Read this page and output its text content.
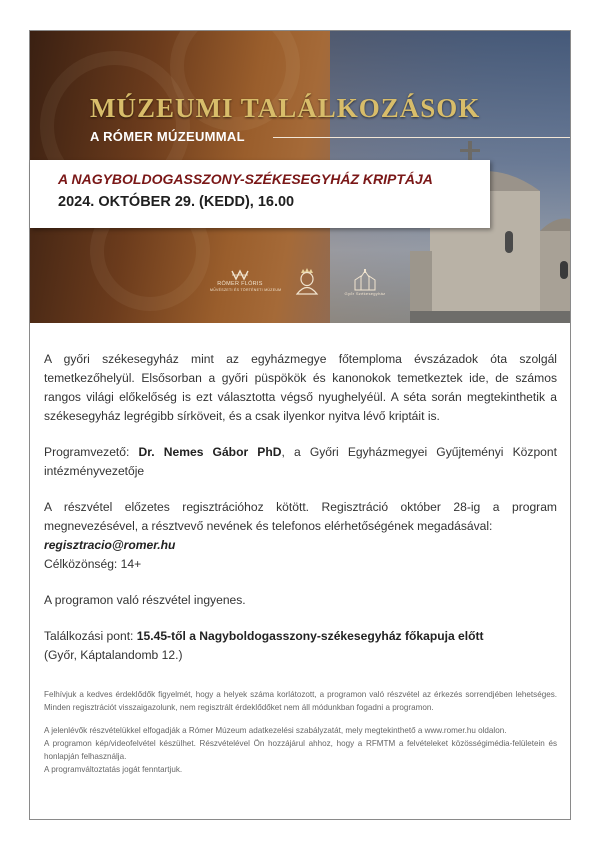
MÚZEUMI TALÁLKOZÁSOK
A RÓMER MÚZEUMMAL
RÓMER FLÓRIS
MŰVÉSZETI ÉS TÖRTÉNETI MÚZEUM
Győr Székesegyház
A NAGYBOLDOGASSZONY-SZÉKESEGYHÁZ KRIPTÁJA
2024. OKTÓBER 29. (KEDD), 16.00

A győri székesegyház mint az egyházmegye főtemploma évszázadok óta szolgál temetkezőhelyül. Elsősorban a győri püspökök és kanonokok temetkeztek ide, de számos rangos világi előkelőség is ezt választotta végső nyughelyéül. A séta során megtekinthetik a székesegyház legrégibb sírköveit, és a csak ilyenkor nyitva lévő kriptáit is.

Programvezető: Dr. Nemes Gábor PhD, a Győri Egyházmegyei Gyűjteményi Központ intézményvezetője

A részvétel előzetes regisztrációhoz kötött. Regisztráció október 28-ig a program megnevezésével, a résztvevő nevének és telefonos elérhetőségének megadásával:

regisztracio@romer.hu

Célközönség: 14+

A programon való részvétel ingyenes.

Találkozási pont: 15.45-től a Nagyboldogasszony-székesegyház főkapuja előtt

(Győr, Káptalandomb 12.)

Felhívjuk a kedves érdeklődők figyelmét, hogy a helyek száma korlátozott, a programon való részvétel az érkezés sorrendjében lehetséges. Minden regisztrációt visszaigazolunk, nem regisztrált érdeklődőket nem áll módunkban fogadni a programon.

A jelenlévők részvételükkel elfogadják a Rómer Múzeum adatkezelési szabályzatát, mely megtekinthető a www.romer.hu oldalon.

A programon kép/videofelvétel készülhet. Részvételével Ön hozzájárul ahhoz, hogy a RFMTM a felvételeket közösségimédia-felületein és honlapján felhasználja.

A programváltoztatás jogát fenntartjuk.
